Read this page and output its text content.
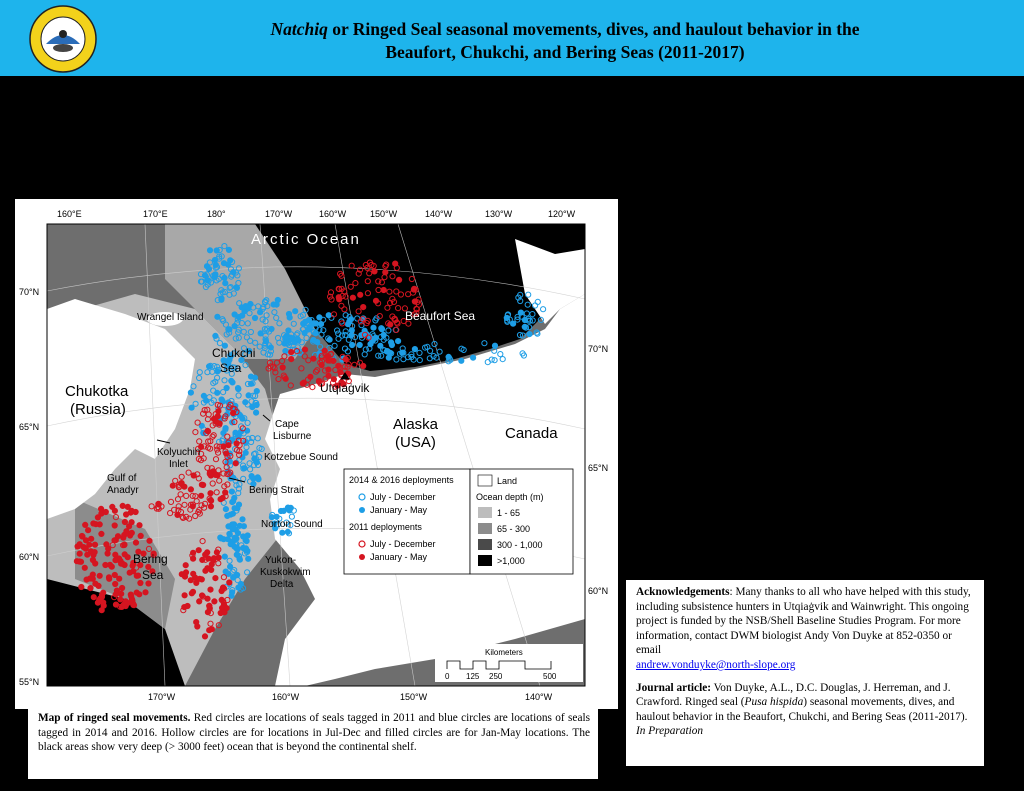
Natchiq or Ringed Seal seasonal movements, dives, and haulout behavior in the
Beaufort, Chukchi, and Bering Seas (2011-2017)
160°E	170°E	180°	170°W	160°W	150°W	140°W	130°W	120°W
170°W	160°W	150°W	140°W
70°N
65°N
60°N
55°N
70°N
65°N
60°N
Arctic Ocean
Beaufort Sea
Wrangel Island
Chukchi
Sea
Utqiaġvik
Chukotka
(Russia)
Alaska
(USA)
Canada
Cape
Lisburne
Kotzebue Sound
Kolyuchin
Inlet
Gulf of
Anadyr	Bering Strait
Norton Sound
Bering
Sea
Yukon-
Kuskokwim
Delta
2014 & 2016 deployments
July - December
January - May
2011 deployments
July - December
January - May
Land
Ocean depth (m)
1 - 65
65 - 300
300 - 1,000
>1,000
Kilometers
0 125 250	500
Map of ringed seal movements. Red circles are locations of seals tagged in 2011 and blue circles are locations of seals tagged in 2014 and 2016. Hollow circles are for locations in Jul-Dec and filled circles are for Jan-May locations. The black areas show very deep (> 3000 feet) ocean that is beyond the continental shelf.

Acknowledgements: Many thanks to all who have helped with this study, including subsistence hunters in Utqiaġvik and Wainwright. This ongoing project is funded by the NSB/Shell Baseline Studies Program. For more information, contact DWM biologist Andy Von Duyke at 852-0350 or email
andrew.vonduyke@north-slope.org

Journal article: Von Duyke, A.L., D.C. Douglas, J. Herreman, and J. Crawford. Ringed seal (Pusa hispida) seasonal movements, dives, and haulout behavior in the Beaufort, Chukchi, and Bering Seas (2011-2017). In Preparation
